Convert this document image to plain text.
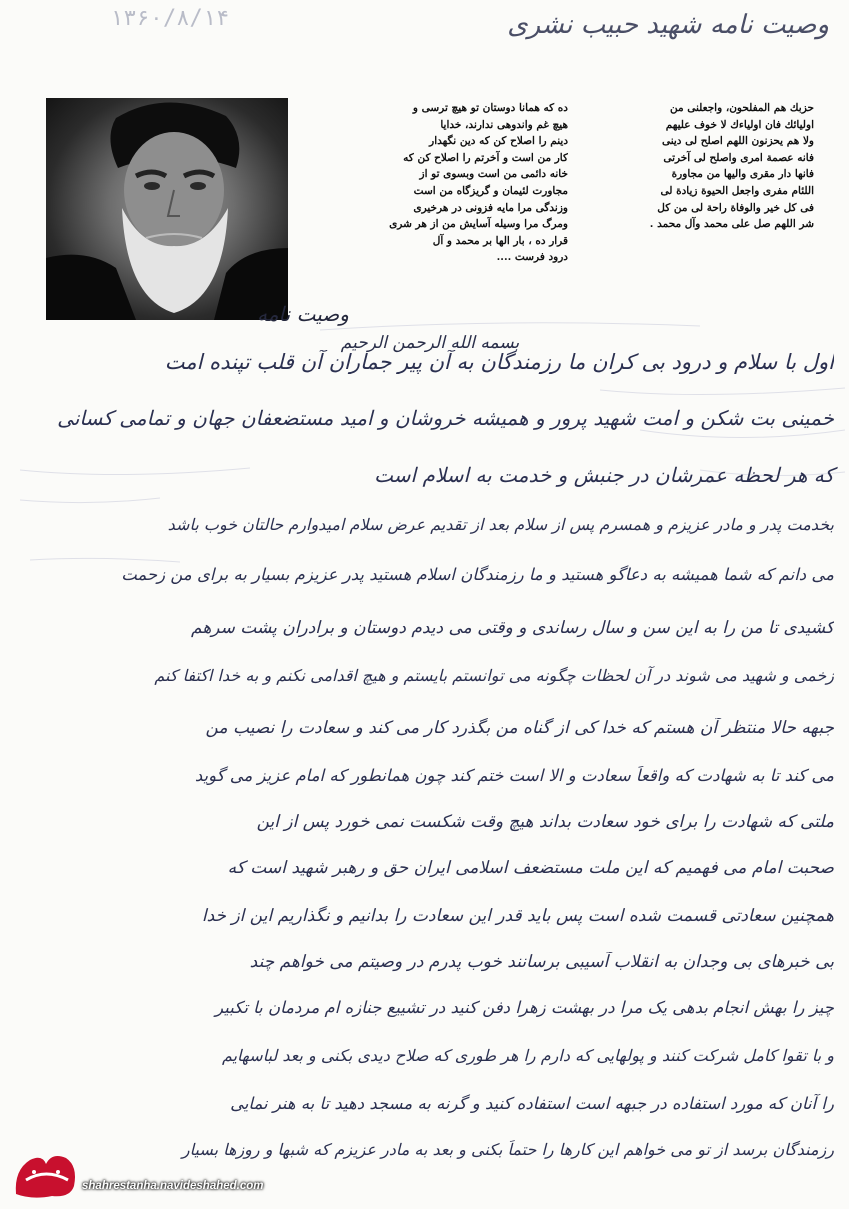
۱۳۶۰/۸/۱۴	وصیت نامه شهید حبیب نشری
ده كه همانا دوستان تو هيچ ترسی و
هيچ غم واندوهی ندارند، خدایا
دینم را اصلاح کن که دین نگهدار
کار من است و آخرتم را اصلاح کن که
خانه دائمی من است وبسوی تو از
مجاورت لئیمان و گریزگاه من است
وزندگی مرا مایه فزونی در هرخیری
ومرگ مرا وسیله آسایش من از هر شری
قرار ده ، بار الها بر محمد و آل
درود فرست ....
حزبك هم المفلحون، واجعلنی من
اولیائك فان اولیاءك لا خوف علیهم
ولا هم یحزنون اللهم اصلح لی دینی
فانه عصمة امری واصلح لی آخرتی
فانها دار مقری والیها من مجاورة
اللئام مفری واجعل الحیوة زیادة لی
فی کل خیر والوفاة راحة لی من کل
شر اللهم صل علی محمد وآل محمد .
وصیت نامه
بسمه الله الرحمن الرحیم
اول با سلام و درود بی کران ما رزمندگان به آن پیر جماران آن قلب تپنده امت
خمینی بت شکن و امت شهید پرور و همیشه خروشان و امید مستضعفان جهان و تمامی کسانی
که هر لحظه عمرشان در جنبش و خدمت به اسلام است
بخدمت پدر و مادر عزیزم و همسرم پس از سلام بعد از تقدیم عرض سلام امیدوارم حالتان خوب باشد
می دانم که شما همیشه به دعاگو هستید و ما رزمندگان اسلام هستید پدر عزیزم بسیار به برای من زحمت
کشیدی تا من را به این سن و سال رساندی و وقتی می دیدم دوستان و برادران پشت سرهم
زخمی و شهید می شوند در آن لحظات چگونه می توانستم بایستم و هیچ اقدامی نکنم و به خدا اکتفا کنم
جبهه حالا منتظر آن هستم که خدا کی از گناه من بگذرد کار می کند و سعادت را نصیب من
می کند تا به شهادت که واقعاً سعادت و الا است ختم کند چون همانطور که امام عزیز می گوید
ملتی که شهادت را برای خود سعادت بداند هیچ وقت شکست نمی خورد پس از این
صحبت امام می فهمیم که این ملت مستضعف اسلامی ایران حق و رهبر شهید است که
همچنین سعادتی قسمت شده است پس باید قدر این سعادت را بدانیم و نگذاریم این از خدا
بی خبرهای بی وجدان به انقلاب آسیبی برسانند خوب پدرم در وصیتم می خواهم چند
چیز را بهش انجام بدهی یک مرا در بهشت زهرا دفن کنید در تشییع جنازه ام مردمان با تکبیر
و با تقوا کامل شرکت کنند و پولهایی که دارم را هر طوری که صلاح دیدی بکنی و بعد لباسهایم
را آنان که مورد استفاده در جبهه است استفاده کنید و گرنه به مسجد دهید تا به هنر نمایی
رزمندگان برسد از تو می خواهم این کارها را حتماً بکنی و بعد به مادر عزیزم که شبها و روزها بسیار
shahrestanha.navideshahed.com
